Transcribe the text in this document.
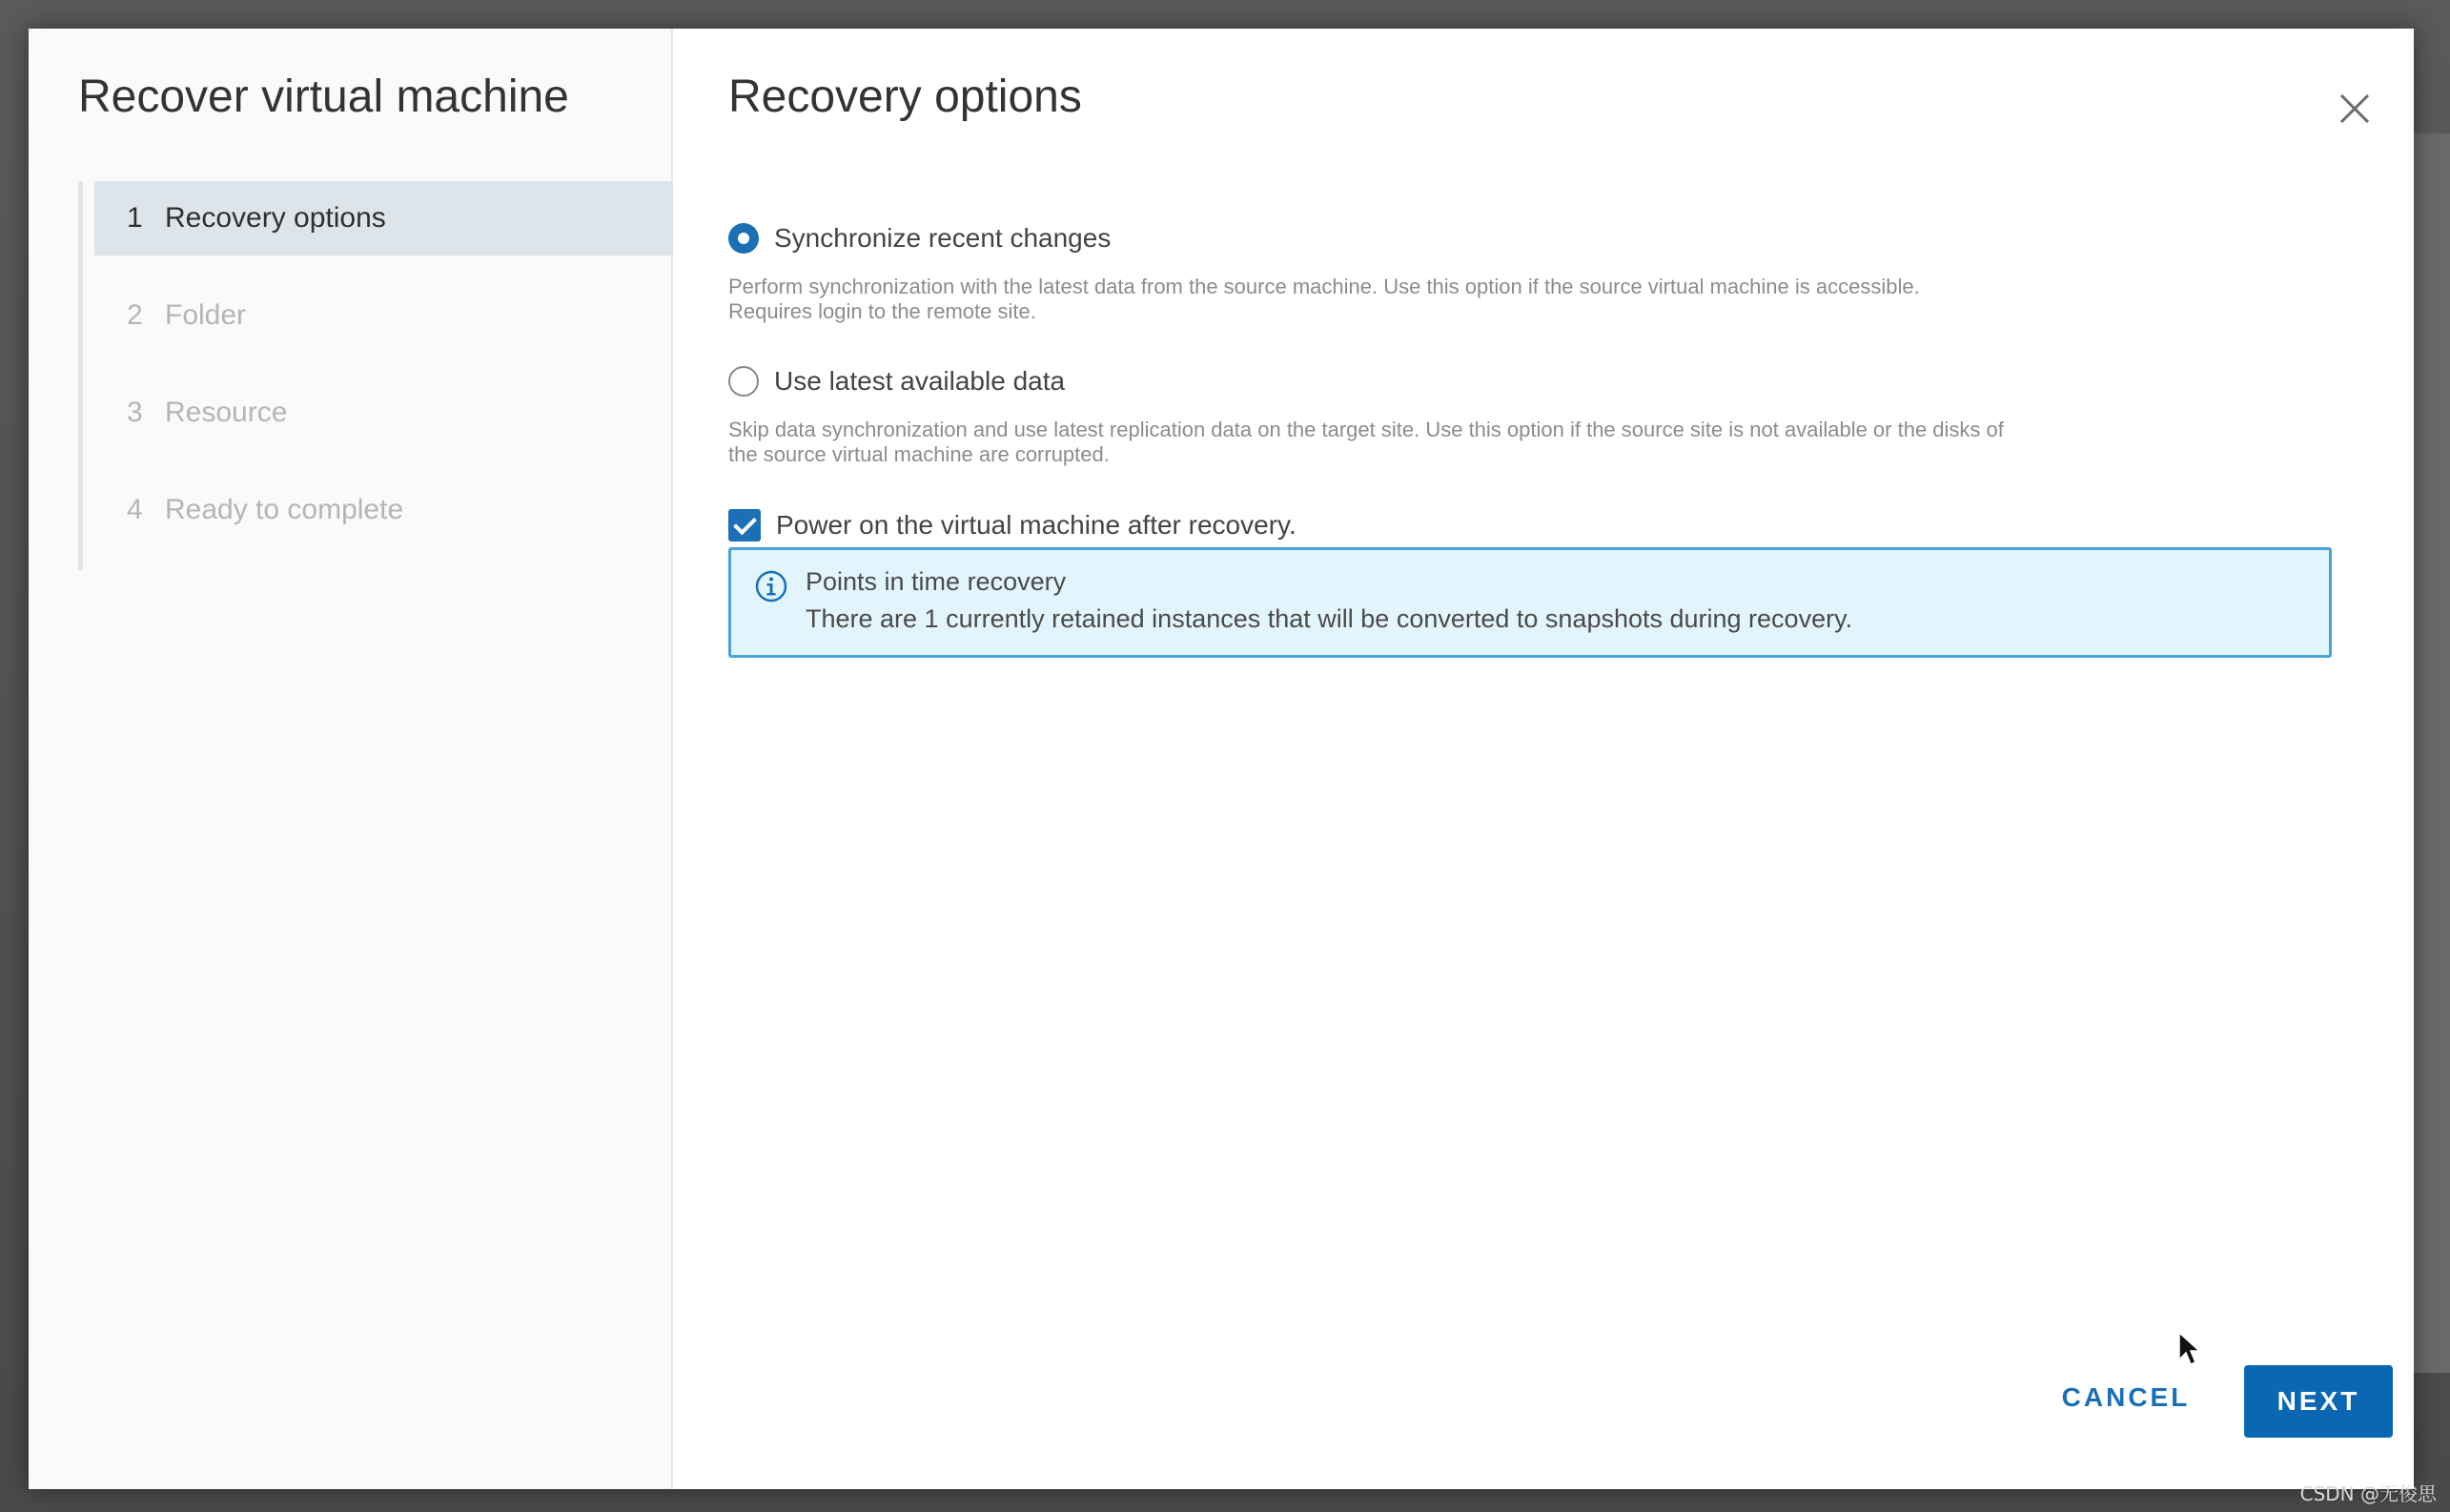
Recover virtual machine
1 Recovery options
2 Folder
3 Resource
4 Ready to complete
Recovery options
Synchronize recent changes

Perform synchronization with the latest data from the source machine. Use this option if the source virtual machine is accessible. Requires login to the remote site.

Use latest available data

Skip data synchronization and use latest replication data on the target site. Use this option if the source site is not available or the disks of the source virtual machine are corrupted.

Power on the virtual machine after recovery.
Points in time recovery
There are 1 currently retained instances that will be converted to snapshots during recovery.
CANCEL	NEXT
CSDN @无俊思
